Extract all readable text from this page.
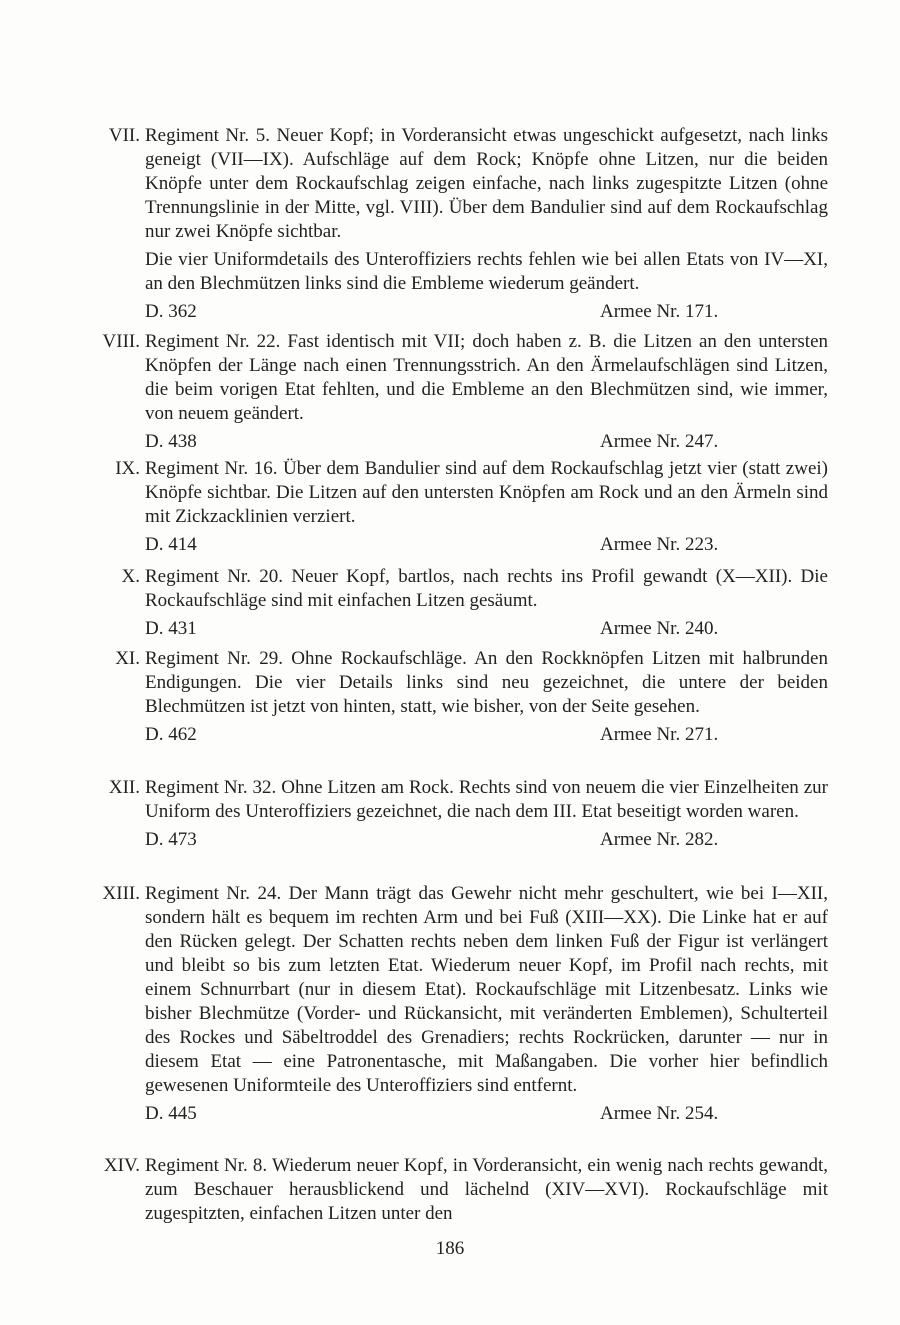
VII. Regiment Nr. 5. Neuer Kopf; in Vorderansicht etwas ungeschickt aufgesetzt, nach links geneigt (VII—IX). Aufschläge auf dem Rock; Knöpfe ohne Litzen, nur die beiden Knöpfe unter dem Rockaufschlag zeigen einfache, nach links zugespitzte Litzen (ohne Trennungslinie in der Mitte, vgl. VIII). Über dem Bandulier sind auf dem Rockaufschlag nur zwei Knöpfe sichtbar.

Die vier Uniformdetails des Unteroffiziers rechts fehlen wie bei allen Etats von IV—XI, an den Blechmützen links sind die Embleme wiederum geändert.

D. 362	Armee Nr. 171.
VIII. Regiment Nr. 22. Fast identisch mit VII; doch haben z. B. die Litzen an den untersten Knöpfen der Länge nach einen Trennungsstrich. An den Ärmelaufschlägen sind Litzen, die beim vorigen Etat fehlten, und die Embleme an den Blechmützen sind, wie immer, von neuem geändert.

D. 438	Armee Nr. 247.
IX. Regiment Nr. 16. Über dem Bandulier sind auf dem Rockaufschlag jetzt vier (statt zwei) Knöpfe sichtbar. Die Litzen auf den untersten Knöpfen am Rock und an den Ärmeln sind mit Zickzacklinien verziert.

D. 414	Armee Nr. 223.
X. Regiment Nr. 20. Neuer Kopf, bartlos, nach rechts ins Profil gewandt (X—XII). Die Rockaufschläge sind mit einfachen Litzen gesäumt.

D. 431	Armee Nr. 240.
XI. Regiment Nr. 29. Ohne Rockaufschläge. An den Rockknöpfen Litzen mit halbrunden Endigungen. Die vier Details links sind neu gezeichnet, die untere der beiden Blechmützen ist jetzt von hinten, statt, wie bisher, von der Seite gesehen.

D. 462	Armee Nr. 271.
XII. Regiment Nr. 32. Ohne Litzen am Rock. Rechts sind von neuem die vier Einzelheiten zur Uniform des Unteroffiziers gezeichnet, die nach dem III. Etat beseitigt worden waren.

D. 473	Armee Nr. 282.
XIII. Regiment Nr. 24. Der Mann trägt das Gewehr nicht mehr geschultert, wie bei I—XII, sondern hält es bequem im rechten Arm und bei Fuß (XIII—XX). Die Linke hat er auf den Rücken gelegt. Der Schatten rechts neben dem linken Fuß der Figur ist verlängert und bleibt so bis zum letzten Etat. Wiederum neuer Kopf, im Profil nach rechts, mit einem Schnurrbart (nur in diesem Etat). Rockaufschläge mit Litzenbesatz. Links wie bisher Blechmütze (Vorder- und Rückansicht, mit veränderten Emblemen), Schulterteil des Rockes und Säbeltroddel des Grenadiers; rechts Rockrücken, darunter — nur in diesem Etat — eine Patronentasche, mit Maßangaben. Die vorher hier befindlich gewesenen Uniformteile des Unteroffiziers sind entfernt.

D. 445	Armee Nr. 254.
XIV. Regiment Nr. 8. Wiederum neuer Kopf, in Vorderansicht, ein wenig nach rechts gewandt, zum Beschauer herausblickend und lächelnd (XIV—XVI). Rockaufschläge mit zugespitzten, einfachen Litzen unter den

186
